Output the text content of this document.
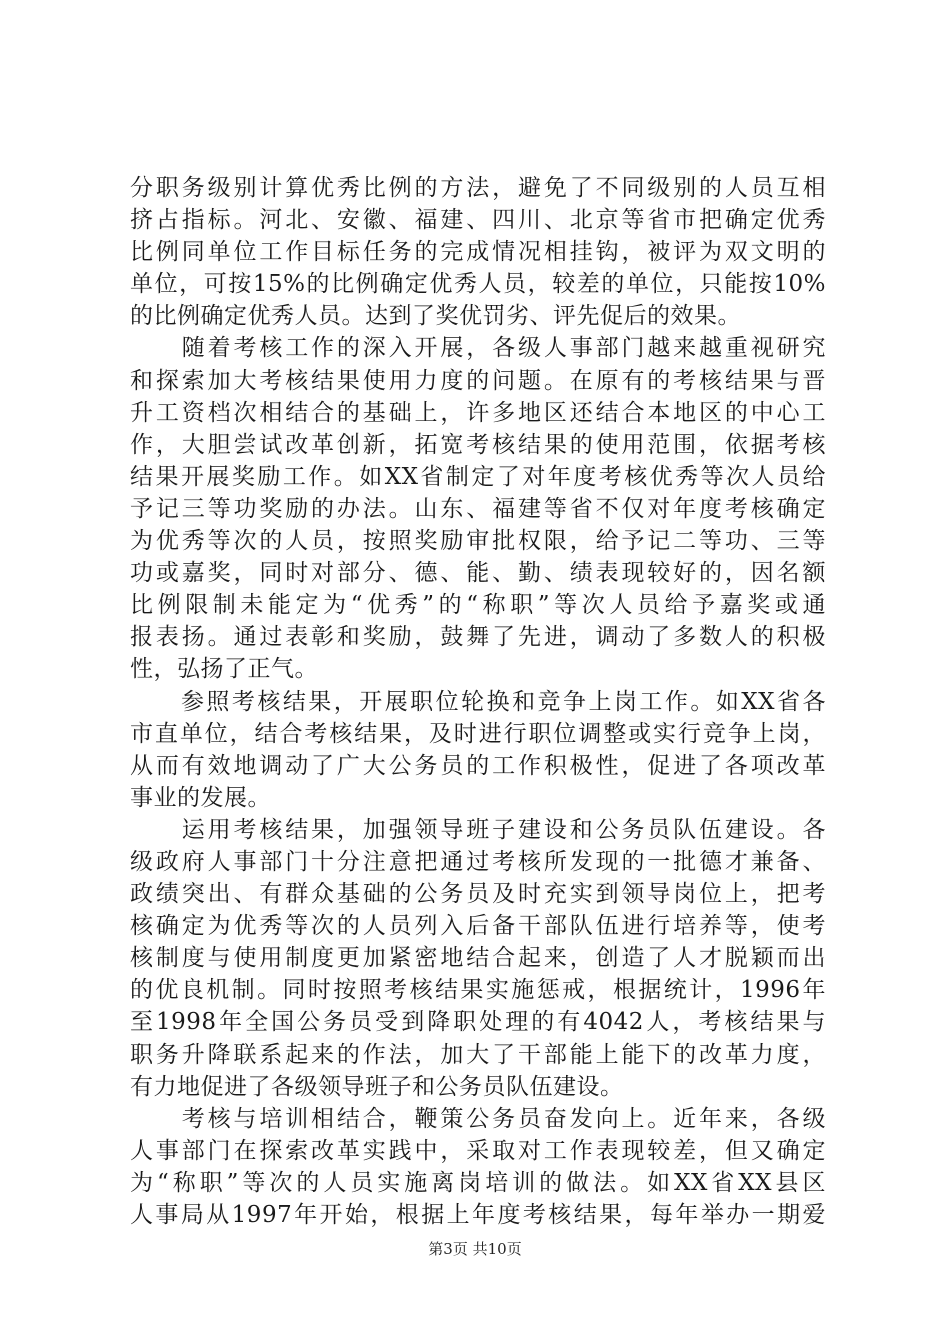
分职务级别计算优秀比例的方法，避免了不同级别的人员互相
挤占指标。河北、安徽、福建、四川、北京等省市把确定优秀
比例同单位工作目标任务的完成情况相挂钩，被评为双文明的
单位，可按15%的比例确定优秀人员，较差的单位，只能按10%
的比例确定优秀人员。达到了奖优罚劣、评先促后的效果。
　　随着考核工作的深入开展，各级人事部门越来越重视研究
和探索加大考核结果使用力度的问题。在原有的考核结果与晋
升工资档次相结合的基础上，许多地区还结合本地区的中心工
作，大胆尝试改革创新，拓宽考核结果的使用范围，依据考核
结果开展奖励工作。如XX省制定了对年度考核优秀等次人员给
予记三等功奖励的办法。山东、福建等省不仅对年度考核确定
为优秀等次的人员，按照奖励审批权限，给予记二等功、三等
功或嘉奖，同时对部分、德、能、勤、绩表现较好的，因名额
比例限制未能定为“优秀”的“称职”等次人员给予嘉奖或通
报表扬。通过表彰和奖励，鼓舞了先进，调动了多数人的积极
性，弘扬了正气。
　　参照考核结果，开展职位轮换和竞争上岗工作。如XX省各
市直单位，结合考核结果，及时进行职位调整或实行竞争上岗，
从而有效地调动了广大公务员的工作积极性，促进了各项改革
事业的发展。
　　运用考核结果，加强领导班子建设和公务员队伍建设。各
级政府人事部门十分注意把通过考核所发现的一批德才兼备、
政绩突出、有群众基础的公务员及时充实到领导岗位上，把考
核确定为优秀等次的人员列入后备干部队伍进行培养等，使考
核制度与使用制度更加紧密地结合起来，创造了人才脱颖而出
的优良机制。同时按照考核结果实施惩戒，根据统计，1996年
至1998年全国公务员受到降职处理的有4042人，考核结果与
职务升降联系起来的作法，加大了干部能上能下的改革力度，
有力地促进了各级领导班子和公务员队伍建设。
　　考核与培训相结合，鞭策公务员奋发向上。近年来，各级
人事部门在探索改革实践中，采取对工作表现较差，但又确定
为“称职”等次的人员实施离岗培训的做法。如XX省XX县区
人事局从1997年开始，根据上年度考核结果，每年举办一期爱
第3页 共10页
